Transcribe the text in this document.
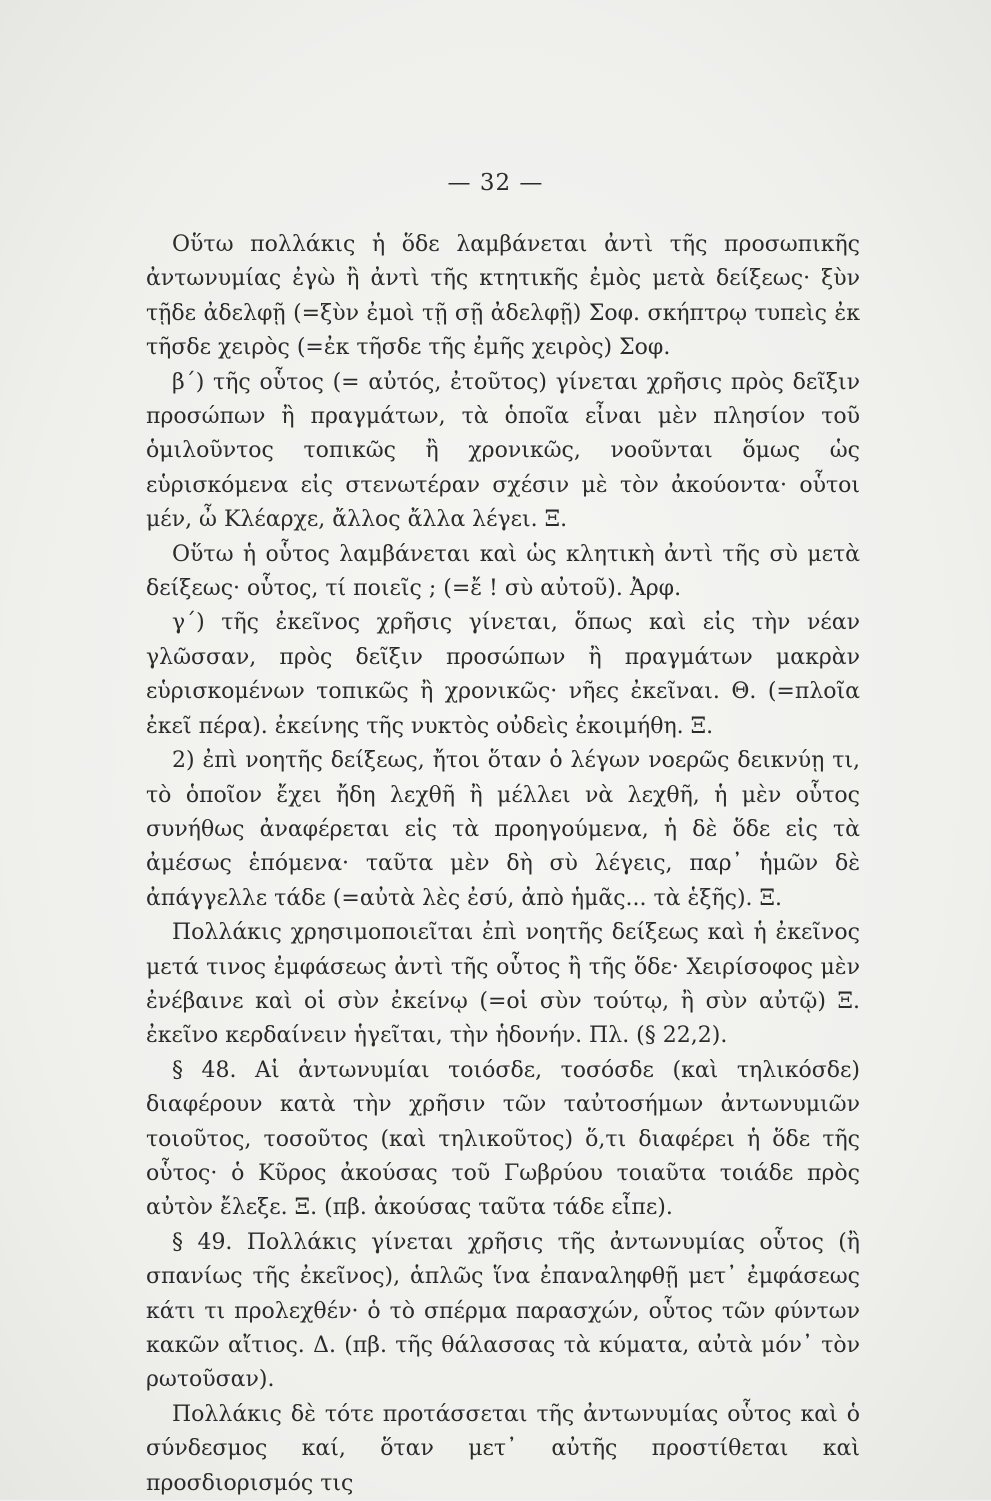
— 32 —

Οὕτω πολλάκις ἡ ὅδε λαμβάνεται ἀντὶ τῆς προσωπικῆς ἀντωνυμίας ἐγὼ ἢ ἀντὶ τῆς κτητικῆς ἐμὸς μετὰ δείξεως· ξὺν τῇδε ἀδελφῇ (=ξὺν ἐμοὶ τῇ σῇ ἀδελφῇ) Σοφ. σκήπτρῳ τυπεὶς ἐκ τῆσδε χειρὸς (=ἐκ τῆσδε τῆς ἐμῆς χειρὸς) Σοφ.

β΄) τῆς οὗτος (= αὐτός, ἐτοῦτος) γίνεται χρῆσις πρὸς δεῖξιν προσώπων ἢ πραγμάτων, τὰ ὁποῖα εἶναι μὲν πλησίον τοῦ ὁμιλοῦντος τοπικῶς ἢ χρονικῶς, νοοῦνται ὅμως ὡς εὑρισκόμενα εἰς στενωτέραν σχέσιν μὲ τὸν ἀκούοντα· οὗτοι μέν, ὦ Κλέαρχε, ἄλλος ἄλλα λέγει. Ξ.

Οὕτω ἡ οὗτος λαμβάνεται καὶ ὡς κλητικὴ ἀντὶ τῆς σὺ μετὰ δείξεως· οὗτος, τί ποιεῖς ; (=ἔ ! σὺ αὐτοῦ). Ἀρφ.

γ΄) τῆς ἐκεῖνος χρῆσις γίνεται, ὅπως καὶ εἰς τὴν νέαν γλῶσσαν, πρὸς δεῖξιν προσώπων ἢ πραγμάτων μακρὰν εὑρισκομένων τοπικῶς ἢ χρονικῶς· νῆες ἐκεῖναι. Θ. (=πλοῖα ἐκεῖ πέρα). ἐκείνης τῆς νυκτὸς οὐδεὶς ἐκοιμήθη. Ξ.

2) ἐπὶ νοητῆς δείξεως, ἤτοι ὅταν ὁ λέγων νοερῶς δεικνύῃ τι, τὸ ὁποῖον ἔχει ἤδη λεχθῆ ἢ μέλλει νὰ λεχθῆ, ἡ μὲν οὗτος συνήθως ἀναφέρεται εἰς τὰ προηγούμενα, ἡ δὲ ὅδε εἰς τὰ ἀμέσως ἑπόμενα· ταῦτα μὲν δὴ σὺ λέγεις, παρ᾽ ἡμῶν δὲ ἀπάγγελλε τάδε (=αὐτὰ λὲς ἐσύ, ἀπὸ ἡμᾶς... τὰ ἑξῆς). Ξ.

Πολλάκις χρησιμοποιεῖται ἐπὶ νοητῆς δείξεως καὶ ἡ ἐκεῖνος μετά τινος ἐμφάσεως ἀντὶ τῆς οὗτος ἢ τῆς ὅδε· Χειρίσοφος μὲν ἐνέβαινε καὶ οἱ σὺν ἐκείνῳ (=οἱ σὺν τούτῳ, ἢ σὺν αὐτῷ) Ξ. ἐκεῖνο κερδαίνειν ἡγεῖται, τὴν ἡδονήν. Πλ. (§ 22,2).

§ 48. Αἱ ἀντωνυμίαι τοιόσδε, τοσόσδε (καὶ τηλικόσδε) διαφέρουν κατὰ τὴν χρῆσιν τῶν ταὐτοσήμων ἀντωνυμιῶν τοιοῦτος, τοσοῦτος (καὶ τηλικοῦτος) ὅ,τι διαφέρει ἡ ὅδε τῆς οὗτος· ὁ Κῦρος ἀκούσας τοῦ Γωβρύου τοιαῦτα τοιάδε πρὸς αὐτὸν ἔλεξε. Ξ. (πβ. ἀκούσας ταῦτα τάδε εἶπε).

§ 49. Πολλάκις γίνεται χρῆσις τῆς ἀντωνυμίας οὗτος (ἢ σπανίως τῆς ἐκεῖνος), ἁπλῶς ἵνα ἐπαναληφθῇ μετ᾽ ἐμφάσεως κάτι τι προλεχθέν· ὁ τὸ σπέρμα παρασχών, οὗτος τῶν φύντων κακῶν αἴτιος. Δ. (πβ. τῆς θάλασσας τὰ κύματα, αὐτὰ μόν᾽ τὸν ρωτοῦσαν).

Πολλάκις δὲ τότε προτάσσεται τῆς ἀντωνυμίας οὗτος καὶ ὁ σύνδεσμος καί, ὅταν μετ᾽ αὐτῆς προστίθεται καὶ προσδιορισμός τις
